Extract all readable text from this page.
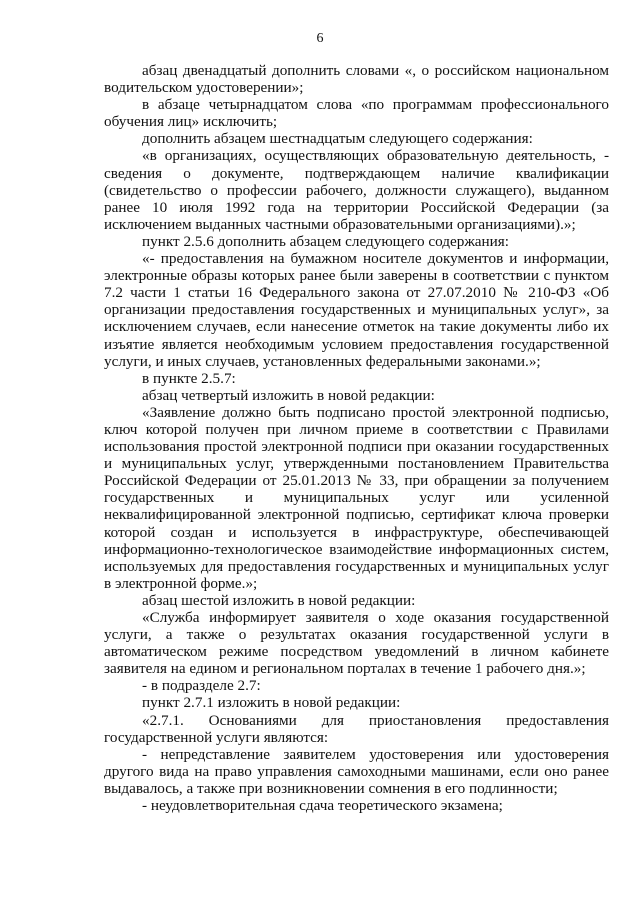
6

абзац двенадцатый дополнить словами «, о российском национальном водительском удостоверении»;

в абзаце четырнадцатом слова «по программам профессионального обучения лиц» исключить;

дополнить абзацем шестнадцатым следующего содержания:

«в организациях, осуществляющих образовательную деятельность, - сведения о документе, подтверждающем наличие квалификации (свидетельство о профессии рабочего, должности служащего), выданном ранее 10 июля 1992 года на территории Российской Федерации (за исключением выданных частными образовательными организациями).»;

пункт 2.5.6 дополнить абзацем следующего содержания:

«- предоставления на бумажном носителе документов и информации, электронные образы которых ранее были заверены в соответствии с пунктом 7.2 части 1 статьи 16 Федерального закона от 27.07.2010 № 210-ФЗ «Об организации предоставления государственных и муниципальных услуг», за исключением случаев, если нанесение отметок на такие документы либо их изъятие является необходимым условием предоставления государственной услуги, и иных случаев, установленных федеральными законами.»;

в пункте 2.5.7:

абзац четвертый изложить в новой редакции:

«Заявление должно быть подписано простой электронной подписью, ключ которой получен при личном приеме в соответствии с Правилами использования простой электронной подписи при оказании государственных и муниципальных услуг, утвержденными постановлением Правительства Российской Федерации от 25.01.2013 № 33, при обращении за получением государственных и муниципальных услуг или усиленной неквалифицированной электронной подписью, сертификат ключа проверки которой создан и используется в инфраструктуре, обеспечивающей информационно-технологическое взаимодействие информационных систем, используемых для предоставления государственных и муниципальных услуг в электронной форме.»;

абзац шестой изложить в новой редакции:

«Служба информирует заявителя о ходе оказания государственной услуги, а также о результатах оказания государственной услуги в автоматическом режиме посредством уведомлений в личном кабинете заявителя на едином и региональном порталах в течение 1 рабочего дня.»;

- в подразделе 2.7:

пункт 2.7.1 изложить в новой редакции:

«2.7.1. Основаниями для приостановления предоставления государственной услуги являются:

- непредставление заявителем удостоверения или удостоверения другого вида на право управления самоходными машинами, если оно ранее выдавалось, а также при возникновении сомнения в его подлинности;

- неудовлетворительная сдача теоретического экзамена;
